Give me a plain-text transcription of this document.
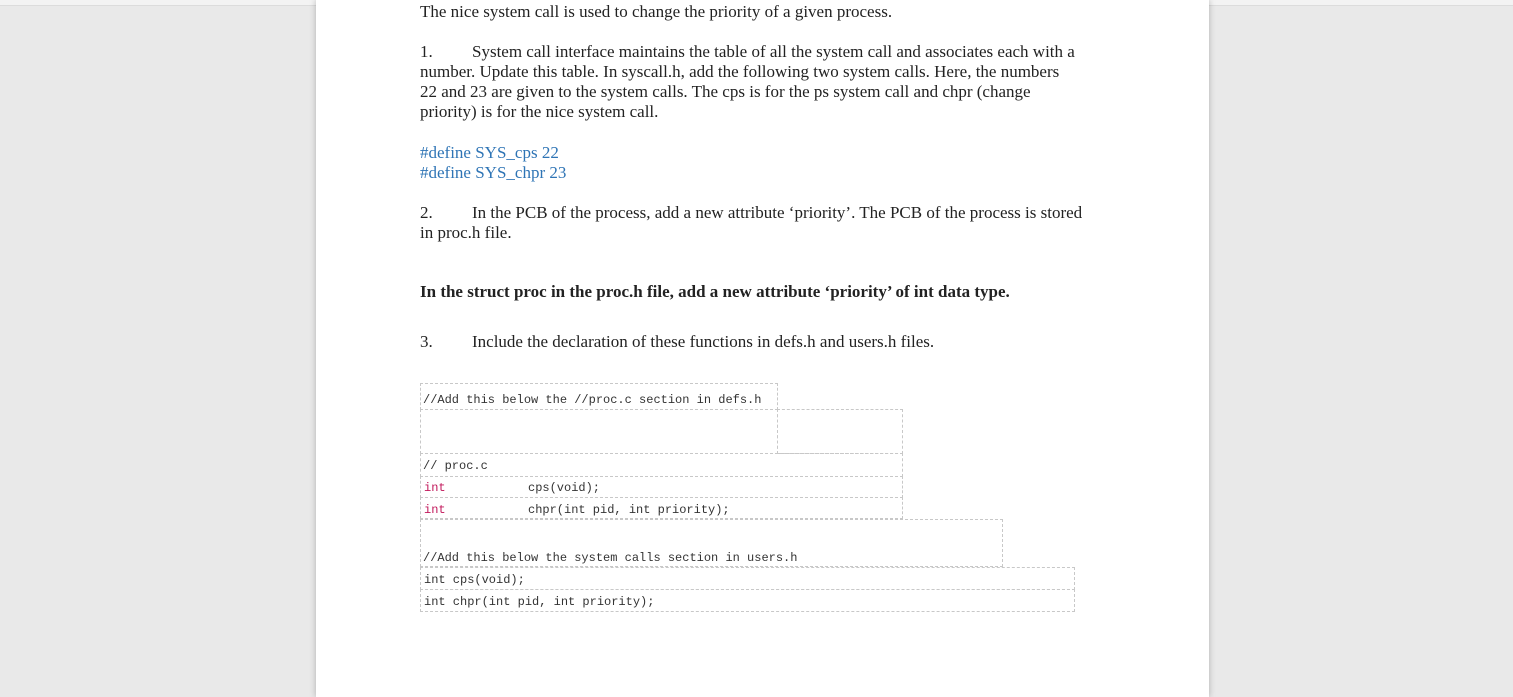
The nice system call is used to change the priority of a given process.

1. System call interface maintains the table of all the system call and associates each with a

number. Update this table. In syscall.h, add the following two system calls. Here, the numbers

22 and 23 are given to the system calls. The cps is for the ps system call and chpr (change

priority) is for the nice system call.

#define SYS_cps 22

#define SYS_chpr 23

2. In the PCB of the process, add a new attribute ‘priority’. The PCB of the process is stored

in proc.h file.

In the struct proc in the proc.h file, add a new attribute ‘priority’ of int data type.

3. Include the declaration of these functions in defs.h and users.h files.

//Add this below the //proc.c section in defs.h
// proc.c
int	cps(void);
int	chpr(int pid, int priority);
//Add this below the system calls section in users.h
int cps(void);
int chpr(int pid, int priority);
